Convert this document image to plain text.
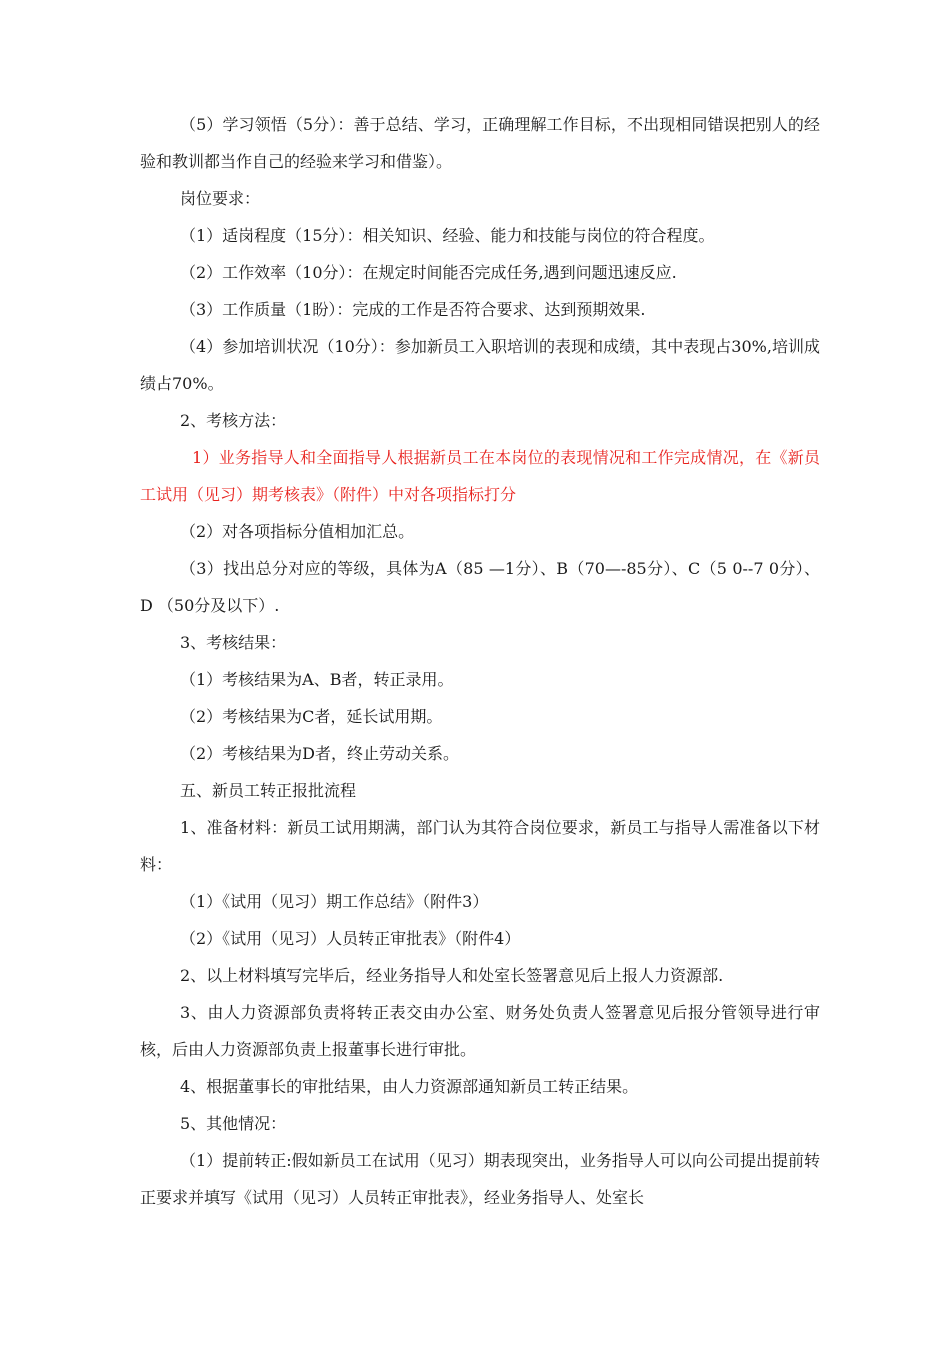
（5）学习领悟（5分）：善于总结、学习，正确理解工作目标，不出现相同错误把别人的经验和教训都当作自己的经验来学习和借鉴）。

岗位要求：

（1）适岗程度（15分）：相关知识、经验、能力和技能与岗位的符合程度。

（2）工作效率（10分）：在规定时间能否完成任务,遇到问题迅速反应.

（3）工作质量（1盼）：完成的工作是否符合要求、达到预期效果.

（4）参加培训状况（10分）：参加新员工入职培训的表现和成绩，其中表现占30%,培训成绩占70%。

2、考核方法：

1）业务指导人和全面指导人根据新员工在本岗位的表现情况和工作完成情况，在《新员工试用（见习）期考核表》（附件）中对各项指标打分

（2）对各项指标分值相加汇总。

（3）找出总分对应的等级，具体为A（85 —1分）、B（70—-85分）、C（5 0--7 0分）、D （50分及以下）.

3、考核结果：

（1）考核结果为A、B者，转正录用。

（2）考核结果为C者，延长试用期。

（2）考核结果为D者，终止劳动关系。

五、新员工转正报批流程

1、准备材料：新员工试用期满，部门认为其符合岗位要求，新员工与指导人需准备以下材料：

（1）《试用（见习）期工作总结》（附件3）

（2）《试用（见习）人员转正审批表》（附件4）

2、以上材料填写完毕后，经业务指导人和处室长签署意见后上报人力资源部.

3、由人力资源部负责将转正表交由办公室、财务处负责人签署意见后报分管领导进行审核，后由人力资源部负责上报董事长进行审批。

4、根据董事长的审批结果，由人力资源部通知新员工转正结果。

5、其他情况：

（1）提前转正:假如新员工在试用（见习）期表现突出，业务指导人可以向公司提出提前转正要求并填写《试用（见习）人员转正审批表》，经业务指导人、处室长
